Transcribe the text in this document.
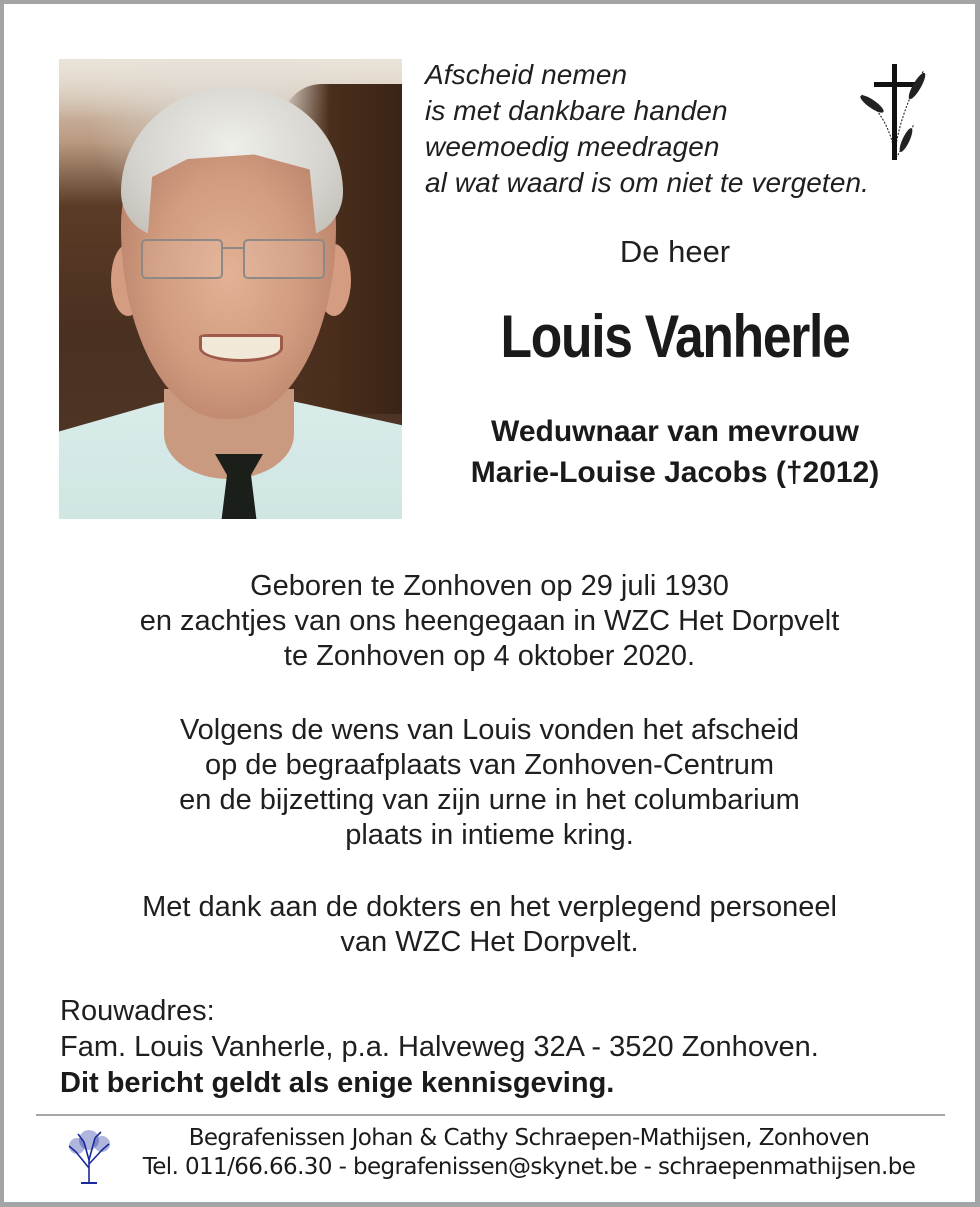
Afscheid nemen
is met dankbare handen
weemoedig meedragen
al wat waard is om niet te vergeten.
De heer
Louis Vanherle
Weduwnaar van mevrouw
Marie-Louise Jacobs (†2012)
Geboren te Zonhoven op 29 juli 1930
en zachtjes van ons heengegaan in WZC Het Dorpvelt
te Zonhoven op 4 oktober 2020.
Volgens de wens van Louis vonden het afscheid
op de begraafplaats van Zonhoven-Centrum
en de bijzetting van zijn urne in het columbarium
plaats in intieme kring.
Met dank aan de dokters en het verplegend personeel
van WZC Het Dorpvelt.
Rouwadres:
Fam. Louis Vanherle, p.a. Halveweg 32A - 3520 Zonhoven.
Dit bericht geldt als enige kennisgeving.
Begrafenissen Johan & Cathy Schraepen-Mathijsen, Zonhoven
Tel. 011/66.66.30 - begrafenissen@skynet.be - schraepenmathijsen.be
